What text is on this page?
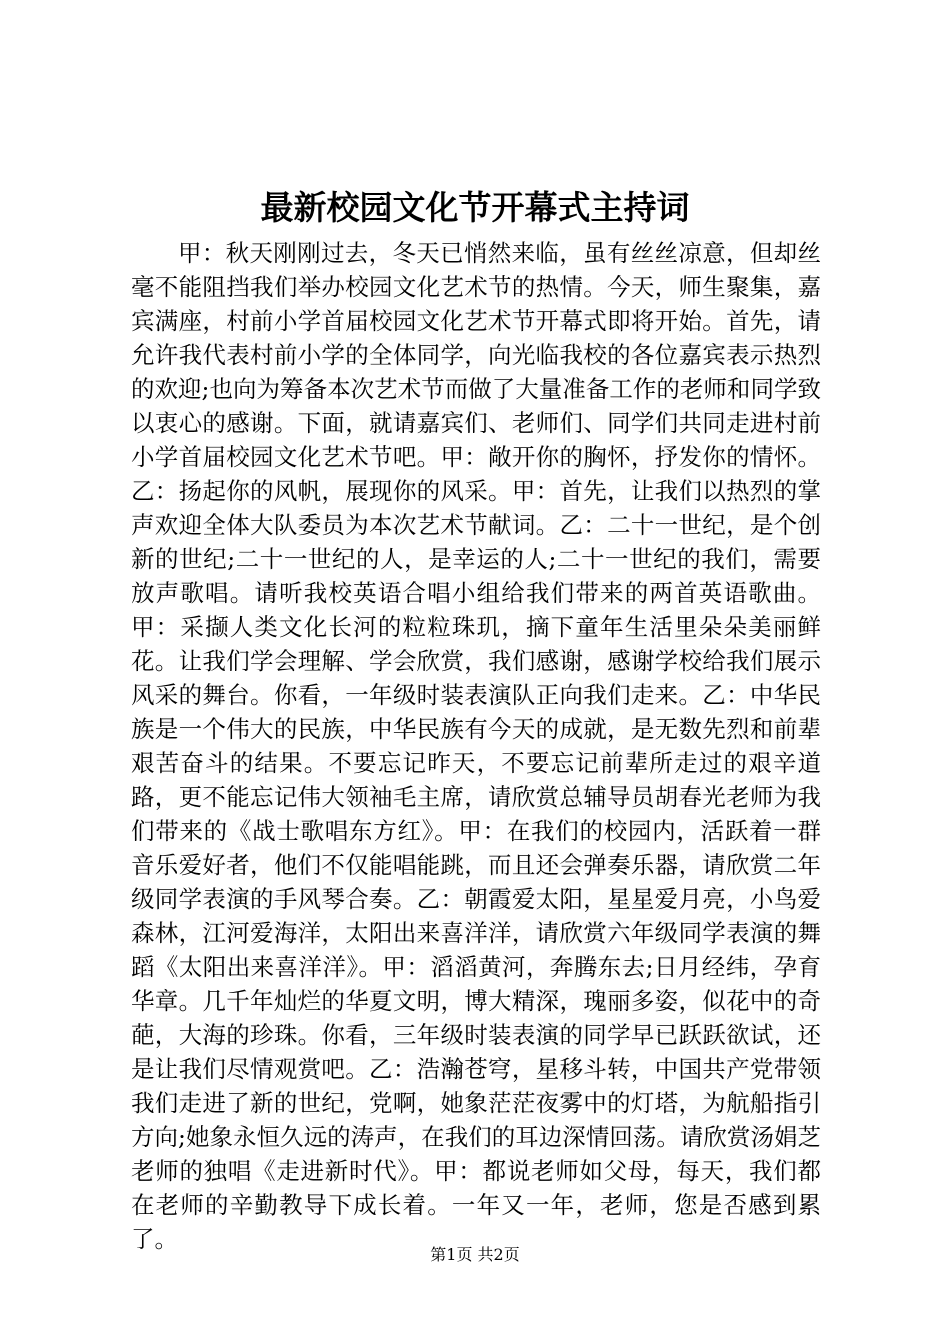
最新校园文化节开幕式主持词

甲：秋天刚刚过去，冬天已悄然来临，虽有丝丝凉意，但却丝毫不能阻挡我们举办校园文化艺术节的热情。今天，师生聚集，嘉宾满座，村前小学首届校园文化艺术节开幕式即将开始。首先，请允许我代表村前小学的全体同学，向光临我校的各位嘉宾表示热烈的欢迎;也向为筹备本次艺术节而做了大量准备工作的老师和同学致以衷心的感谢。下面，就请嘉宾们、老师们、同学们共同走进村前小学首届校园文化艺术节吧。甲：敞开你的胸怀，抒发你的情怀。乙：扬起你的风帆，展现你的风采。甲：首先，让我们以热烈的掌声欢迎全体大队委员为本次艺术节献词。乙：二十一世纪，是个创新的世纪;二十一世纪的人，是幸运的人;二十一世纪的我们，需要放声歌唱。请听我校英语合唱小组给我们带来的两首英语歌曲。甲：采撷人类文化长河的粒粒珠玑，摘下童年生活里朵朵美丽鲜花。让我们学会理解、学会欣赏，我们感谢，感谢学校给我们展示风采的舞台。你看，一年级时装表演队正向我们走来。乙：中华民族是一个伟大的民族，中华民族有今天的成就，是无数先烈和前辈艰苦奋斗的结果。不要忘记昨天，不要忘记前辈所走过的艰辛道路，更不能忘记伟大领袖毛主席，请欣赏总辅导员胡春光老师为我们带来的《战士歌唱东方红》。甲：在我们的校园内，活跃着一群音乐爱好者，他们不仅能唱能跳，而且还会弹奏乐器，请欣赏二年级同学表演的手风琴合奏。乙：朝霞爱太阳，星星爱月亮，小鸟爱森林，江河爱海洋，太阳出来喜洋洋，请欣赏六年级同学表演的舞蹈《太阳出来喜洋洋》。甲：滔滔黄河，奔腾东去;日月经纬，孕育华章。几千年灿烂的华夏文明，博大精深，瑰丽多姿，似花中的奇葩，大海的珍珠。你看，三年级时装表演的同学早已跃跃欲试，还是让我们尽情观赏吧。乙：浩瀚苍穹，星移斗转，中国共产党带领我们走进了新的世纪，党啊，她象茫茫夜雾中的灯塔，为航船指引方向;她象永恒久远的涛声，在我们的耳边深情回荡。请欣赏汤娟芝老师的独唱《走进新时代》。甲：都说老师如父母，每天，我们都在老师的辛勤教导下成长着。一年又一年，老师，您是否感到累了。

第1页 共2页
